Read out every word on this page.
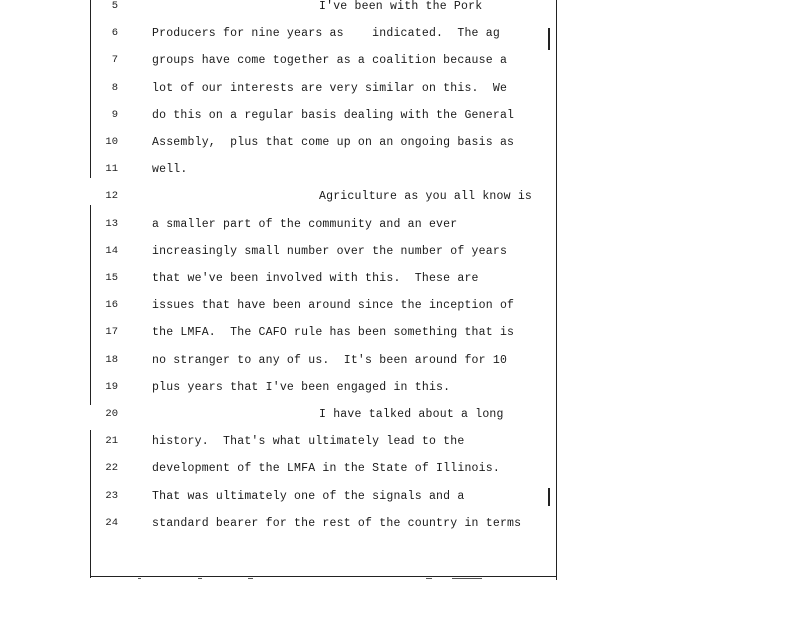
5	I've been with the Pork
6	Producers for nine years as    indicated.  The ag
7	groups have come together as a coalition because a
8	lot of our interests are very similar on this.  We
9	do this on a regular basis dealing with the General
10	Assembly,  plus that come up on an ongoing basis as
11	well.
12	Agriculture as you all know is
13	a smaller part of the community and an ever
14	increasingly small number over the number of years
15	that we've been involved with this.  These are
16	issues that have been around since the inception of
17	the LMFA.  The CAFO rule has been something that is
18	no stranger to any of us.  It's been around for 10
19	plus years that I've been engaged in this.
20	I have talked about a long
21	history.  That's what ultimately lead to the
22	development of the LMFA in the State of Illinois.
23	That was ultimately one of the signals and a
24	standard bearer for the rest of the country in terms
